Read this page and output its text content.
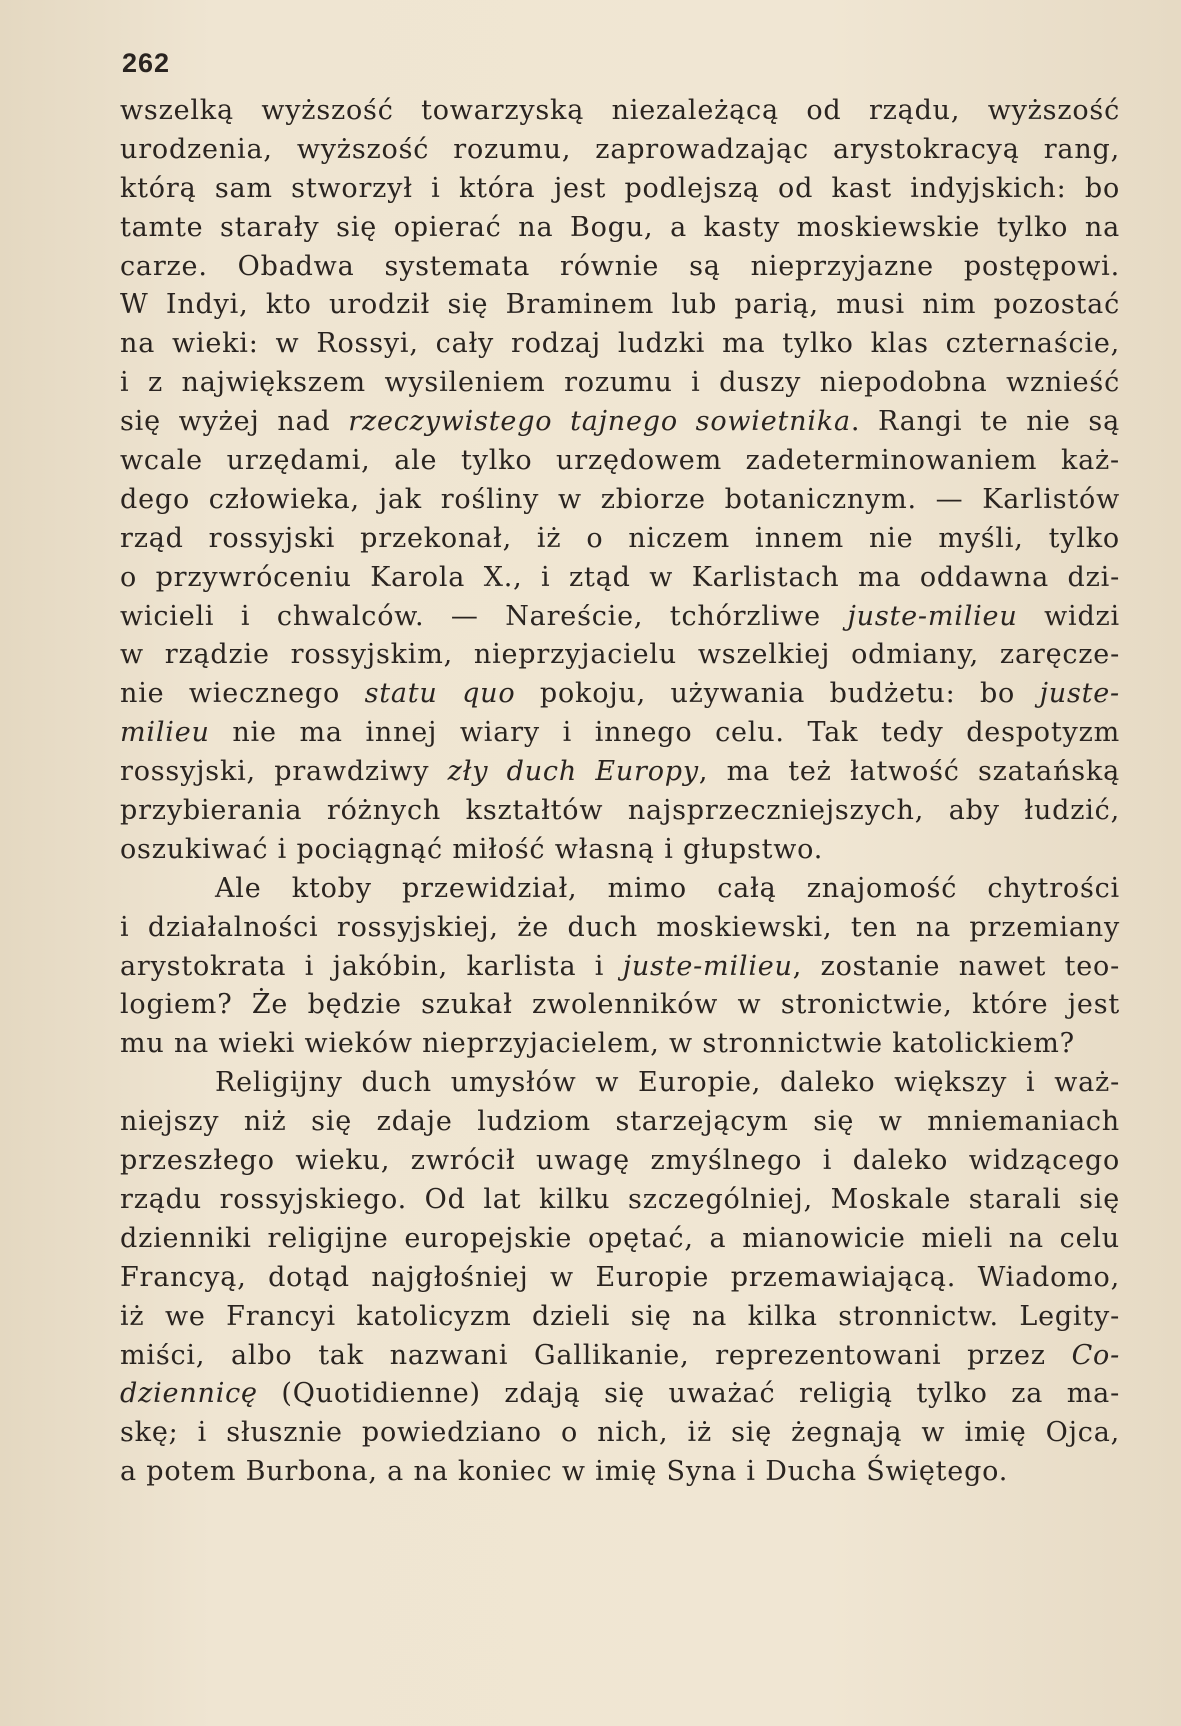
262
wszelką wyższość towarzyską niezależącą od rządu, wyższość
urodzenia, wyższość rozumu, zaprowadzając arystokracyą rang,
którą sam stworzył i która jest podlejszą od kast indyjskich: bo
tamte starały się opierać na Bogu, a kasty moskiewskie tylko na
carze. Obadwa systemata równie są nieprzyjazne postępowi.
W Indyi, kto urodził się Braminem lub parią, musi nim pozostać
na wieki: w Rossyi, cały rodzaj ludzki ma tylko klas czternaście,
i z największem wysileniem rozumu i duszy niepodobna wznieść
się wyżej nad rzeczywistego tajnego sowietnika. Rangi te nie są
wcale urzędami, ale tylko urzędowem zadeterminowaniem każ-
dego człowieka, jak rośliny w zbiorze botanicznym. — Karlistów
rząd rossyjski przekonał, iż o niczem innem nie myśli, tylko
o przywróceniu Karola X., i ztąd w Karlistach ma oddawna dzi-
wicieli i chwalców. — Nareście, tchórzliwe juste-milieu widzi
w rządzie rossyjskim, nieprzyjacielu wszelkiej odmiany, zaręcze-
nie wiecznego statu quo pokoju, używania budżetu: bo juste-
milieu nie ma innej wiary i innego celu. Tak tedy despotyzm
rossyjski, prawdziwy zły duch Europy, ma też łatwość szatańską
przybierania różnych kształtów najsprzeczniejszych, aby łudzić,
oszukiwać i pociągnąć miłość własną i głupstwo.
Ale ktoby przewidział, mimo całą znajomość chytrości
i działalności rossyjskiej, że duch moskiewski, ten na przemiany
arystokrata i jakóbin, karlista i juste-milieu, zostanie nawet teo-
logiem? Że będzie szukał zwolenników w stronictwie, które jest
mu na wieki wieków nieprzyjacielem, w stronnictwie katolickiem?
Religijny duch umysłów w Europie, daleko większy i waż-
niejszy niż się zdaje ludziom starzejącym się w mniemaniach
przeszłego wieku, zwrócił uwagę zmyślnego i daleko widzącego
rządu rossyjskiego. Od lat kilku szczególniej, Moskale starali się
dzienniki religijne europejskie opętać, a mianowicie mieli na celu
Francyą, dotąd najgłośniej w Europie przemawiającą. Wiadomo,
iż we Francyi katolicyzm dzieli się na kilka stronnictw. Legity-
miści, albo tak nazwani Gallikanie, reprezentowani przez Co-
dziennicę (Quotidienne) zdają się uważać religią tylko za ma-
skę; i słusznie powiedziano o nich, iż się żegnają w imię Ojca,
a potem Burbona, a na koniec w imię Syna i Ducha Świętego.
